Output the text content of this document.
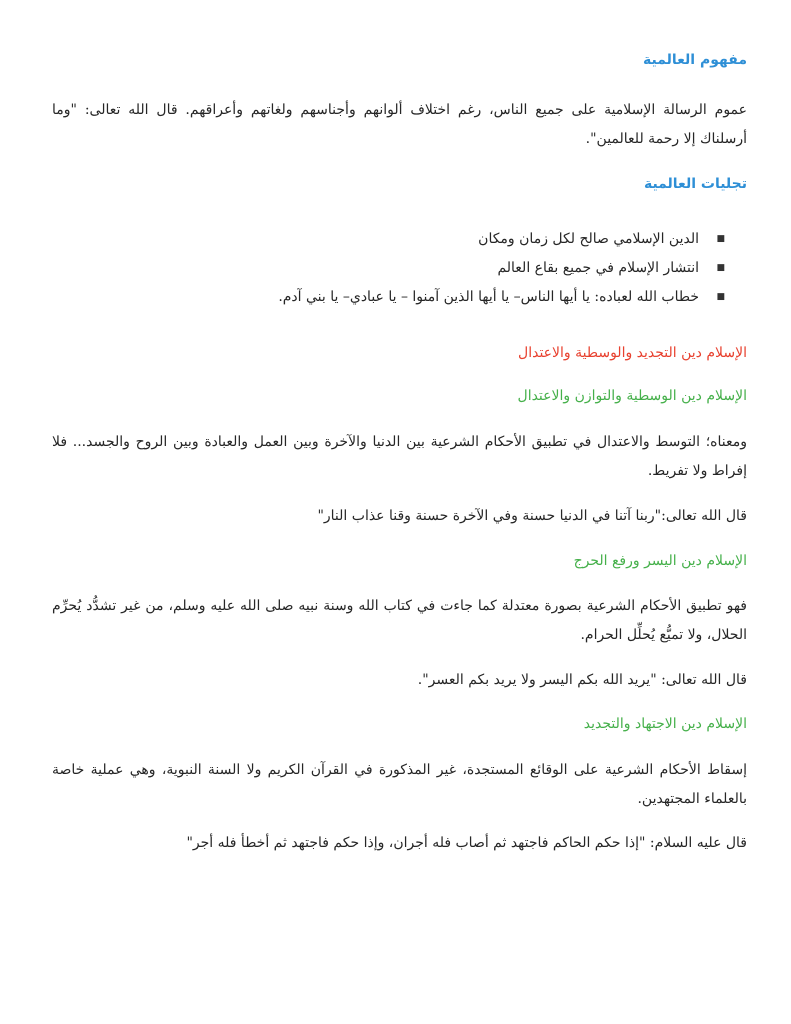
مفهوم العالمية
عموم الرسالة الإسلامية على جميع الناس، رغم اختلاف ألوانهم وأجناسهم ولغاتهم وأعراقهم. قال الله تعالى: "وما أرسلناك إلا رحمة للعالمين".
تجليات العالمية
■
الدين الإسلامي صالح لكل زمان ومكان
■
انتشار الإسلام في جميع بقاع العالم
■
خطاب الله لعباده: يا أيها الناس– يا أيها الذين آمنوا – يا عبادي– يا بني آدم.
الإسلام دين التجديد والوسطية والاعتدال
الإسلام دين الوسطية والتوازن والاعتدال
ومعناه؛ التوسط والاعتدال في تطبيق الأحكام الشرعية بين الدنيا والآخرة وبين العمل والعبادة وبين الروح والجسد... فلا إفراط ولا تفريط.
قال الله تعالى:"ربنا آتنا في الدنيا حسنة وفي الآخرة حسنة وقنا عذاب النار"
الإسلام دين اليسر ورفع الحرج
فهو تطبيق الأحكام الشرعية بصورة معتدلة كما جاءت في كتاب الله وسنة نبيه صلى الله عليه وسلم، من غير تشدُّد يُحرِّم الحلال، ولا تميُّع يُحلِّل الحرام.
قال الله تعالى: "يريد الله بكم اليسر ولا يريد بكم العسر".
الإسلام دين الاجتهاد والتجديد
إسقاط الأحكام الشرعية على الوقائع المستجدة، غير المذكورة في القرآن الكريم ولا السنة النبوية، وهي عملية خاصة بالعلماء المجتهدين.
قال عليه السلام: "إذا حكم الحاكم فاجتهد ثم أصاب فله أجران، وإذا حكم فاجتهد ثم أخطأ فله أجر"
